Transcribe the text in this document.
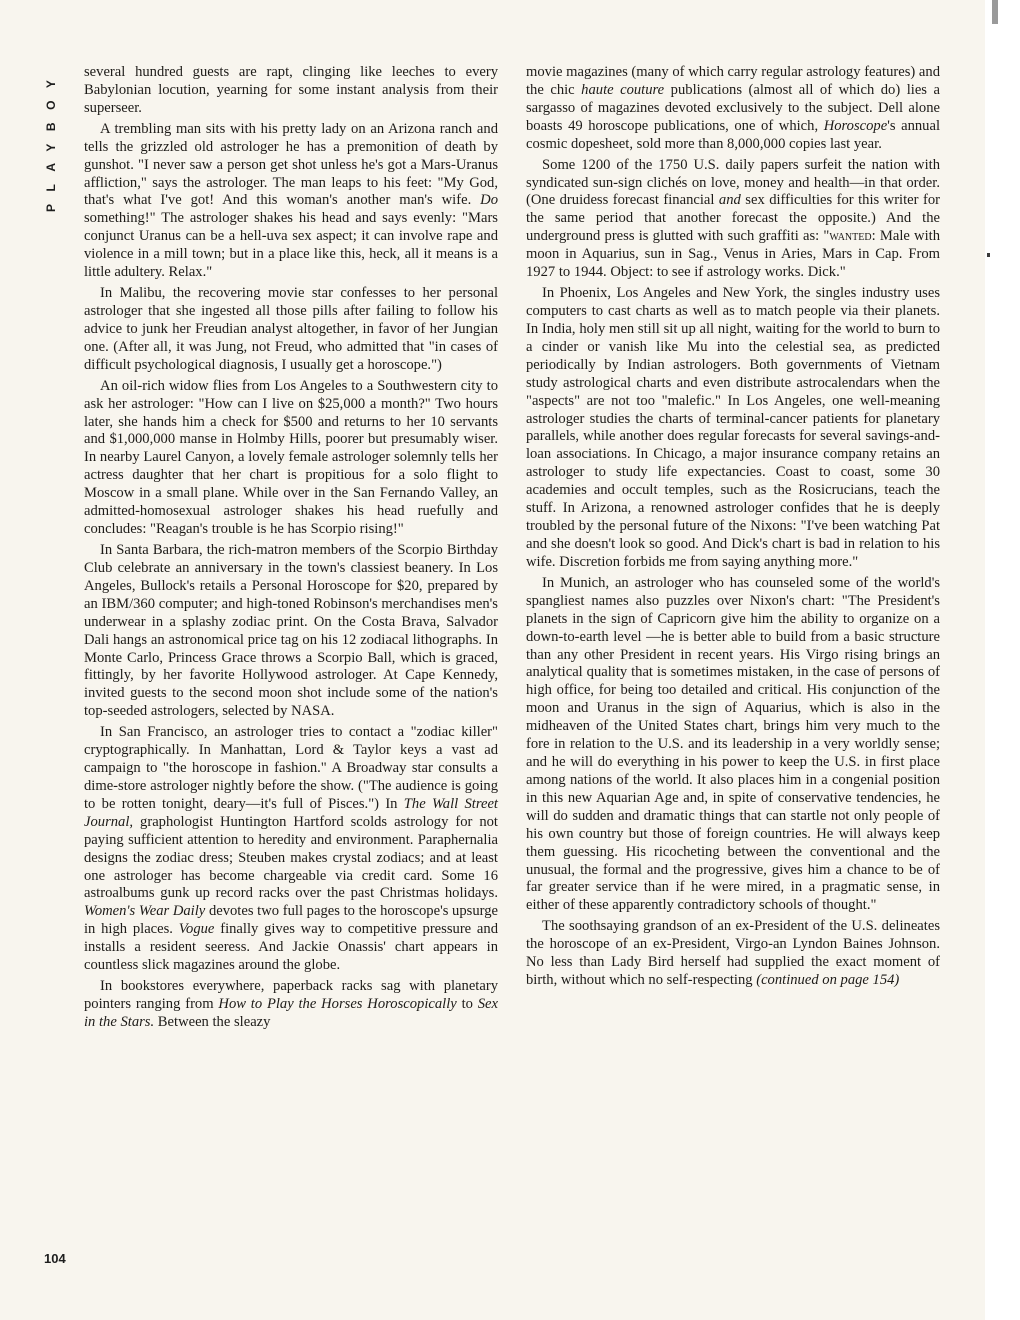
PLAYBOY several hundred guests are rapt, clinging like leeches to every Babylonian locution, yearning for some instant analysis from their superseer.

A trembling man sits with his pretty lady on an Arizona ranch and tells the grizzled old astrologer he has a premonition of death by gunshot. "I never saw a person get shot unless he's got a Mars-Uranus affliction," says the astrologer. The man leaps to his feet: "My God, that's what I've got! And this woman's another man's wife. Do something!" The astrologer shakes his head and says evenly: "Mars conjunct Uranus can be a hell-uva sex aspect; it can involve rape and violence in a mill town; but in a place like this, heck, all it means is a little adultery. Relax."

In Malibu, the recovering movie star confesses to her personal astrologer that she ingested all those pills after failing to follow his advice to junk her Freudian analyst altogether, in favor of her Jungian one. (After all, it was Jung, not Freud, who admitted that "in cases of difficult psychological diagnosis, I usually get a horoscope.")

An oil-rich widow flies from Los Angeles to a Southwestern city to ask her astrologer: "How can I live on $25,000 a month?" Two hours later, she hands him a check for $500 and returns to her 10 servants and $1,000,000 manse in Holmby Hills, poorer but presumably wiser. In nearby Laurel Canyon, a lovely female astrologer solemnly tells her actress daughter that her chart is propitious for a solo flight to Moscow in a small plane. While over in the San Fernando Valley, an admitted-homosexual astrologer shakes his head ruefully and concludes: "Reagan's trouble is he has Scorpio rising!"

In Santa Barbara, the rich-matron members of the Scorpio Birthday Club celebrate an anniversary in the town's classiest beanery. In Los Angeles, Bullock's retails a Personal Horoscope for $20, prepared by an IBM/360 computer; and high-toned Robinson's merchandises men's underwear in a splashy zodiac print. On the Costa Brava, Salvador Dali hangs an astronomical price tag on his 12 zodiacal lithographs. In Monte Carlo, Princess Grace throws a Scorpio Ball, which is graced, fittingly, by her favorite Hollywood astrologer. At Cape Kennedy, invited guests to the second moon shot include some of the nation's top-seeded astrologers, selected by NASA.

In San Francisco, an astrologer tries to contact a "zodiac killer" cryptographically. In Manhattan, Lord & Taylor keys a vast ad campaign to "the horoscope in fashion." A Broadway star consults a dime-store astrologer nightly before the show. ("The audience is going to be rotten tonight, deary—it's full of Pisces.") In The Wall Street Journal, graphologist Huntington Hartford scolds astrology for not paying sufficient attention to heredity and environment. Paraphernalia designs the zodiac dress; Steuben makes crystal zodiacs; and at least one astrologer has become chargeable via credit card. Some 16 astroalbums gunk up record racks over the past Christmas holidays. Women's Wear Daily devotes two full pages to the horoscope's upsurge in high places. Vogue finally gives way to competitive pressure and installs a resident seeress. And Jackie Onassis' chart appears in countless slick magazines around the globe.

In bookstores everywhere, paperback racks sag with planetary pointers ranging from How to Play the Horses Horoscopically to Sex in the Stars. Between the sleazy

movie magazines (many of which carry regular astrology features) and the chic haute couture publications (almost all of which do) lies a sargasso of magazines devoted exclusively to the subject. Dell alone boasts 49 horoscope publications, one of which, Horoscope's annual cosmic dopesheet, sold more than 8,000,000 copies last year.

Some 1200 of the 1750 U.S. daily papers surfeit the nation with syndicated sun-sign clichés on love, money and health—in that order. (One druidess forecast financial and sex difficulties for this writer for the same period that another forecast the opposite.) And the underground press is glutted with such graffiti as: "wanted: Male with moon in Aquarius, sun in Sag., Venus in Aries, Mars in Cap. From 1927 to 1944. Object: to see if astrology works. Dick."

In Phoenix, Los Angeles and New York, the singles industry uses computers to cast charts as well as to match people via their planets. In India, holy men still sit up all night, waiting for the world to burn to a cinder or vanish like Mu into the celestial sea, as predicted periodically by Indian astrologers. Both governments of Vietnam study astrological charts and even distribute astrocalendars when the "aspects" are not too "malefic." In Los Angeles, one well-meaning astrologer studies the charts of terminal-cancer patients for planetary parallels, while another does regular forecasts for several savings-and-loan associations. In Chicago, a major insurance company retains an astrologer to study life expectancies. Coast to coast, some 30 academies and occult temples, such as the Rosicrucians, teach the stuff. In Arizona, a renowned astrologer confides that he is deeply troubled by the personal future of the Nixons: "I've been watching Pat and she doesn't look so good. And Dick's chart is bad in relation to his wife. Discretion forbids me from saying anything more."

In Munich, an astrologer who has counseled some of the world's spangliest names also puzzles over Nixon's chart: "The President's planets in the sign of Capricorn give him the ability to organize on a down-to-earth level —he is better able to build from a basic structure than any other President in recent years. His Virgo rising brings an analytical quality that is sometimes mistaken, in the case of persons of high office, for being too detailed and critical. His conjunction of the moon and Uranus in the sign of Aquarius, which is also in the midheaven of the United States chart, brings him very much to the fore in relation to the U.S. and its leadership in a very worldly sense; and he will do everything in his power to keep the U.S. in first place among nations of the world. It also places him in a congenial position in this new Aquarian Age and, in spite of conservative tendencies, he will do sudden and dramatic things that can startle not only people of his own country but those of foreign countries. He will always keep them guessing. His ricocheting between the conventional and the unusual, the formal and the progressive, gives him a chance to be of far greater service than if he were mired, in a pragmatic sense, in either of these apparently contradictory schools of thought."

The soothsaying grandson of an ex-President of the U.S. delineates the horoscope of an ex-President, Virgo-an Lyndon Baines Johnson. No less than Lady Bird herself had supplied the exact moment of birth, without which no self-respecting (continued on page 154)

104
